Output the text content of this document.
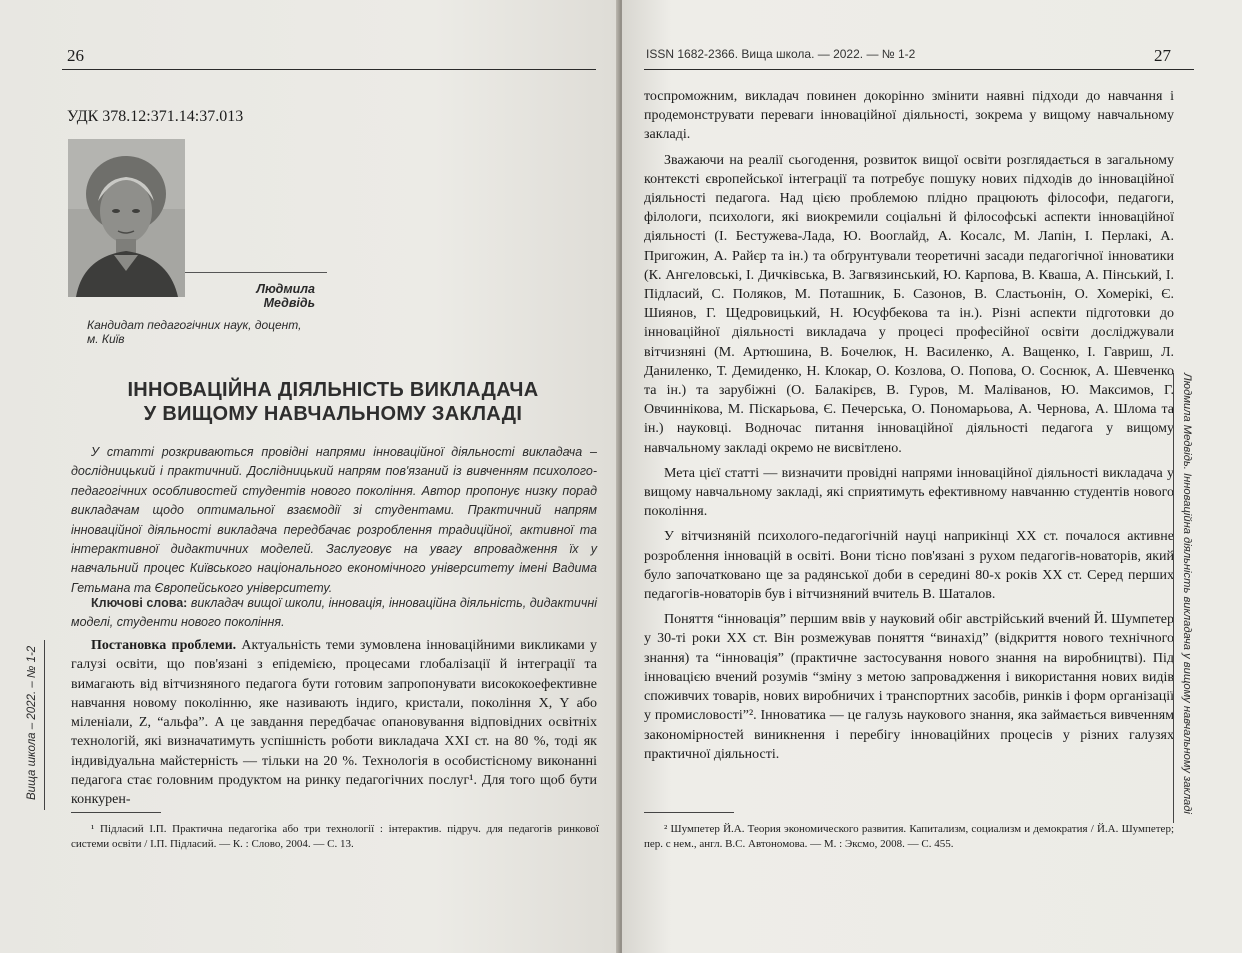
26
УДК 378.12:371.14:37.013
Людмила
Медвідь
Кандидат педагогічних наук, доцент,
м. Київ
ІННОВАЦІЙНА ДІЯЛЬНІСТЬ ВИКЛАДАЧА
У ВИЩОМУ НАВЧАЛЬНОМУ ЗАКЛАДІ
У статті розкриваються провідні напрями інноваційної діяльності викладача – дослідницький і практичний. Дослідницький напрям пов'язаний із вивченням психолого-педагогічних особливостей студентів нового покоління. Автор пропонує низку порад викладачам щодо оптимальної взаємодії зі студентами. Практичний напрям інноваційної діяльності викладача передбачає розроблення традиційної, активної та інтерактивної дидактичних моделей. Заслуговує на увагу впровадження їх у навчальний процес Київського національного економічного університету імені Вадима Гетьмана та Європейського університету.
Ключові слова: викладач вищої школи, інновація, інноваційна діяльність, дидактичні моделі, студенти нового покоління.
Постановка проблеми. Актуальність теми зумовлена інноваційними викликами у галузі освіти, що пов'язані з епідемією, процесами глобалізації й інтеграції та вимагають від вітчизняного педагога бути готовим запропонувати висококоефективне навчання новому поколінню, яке називають індиго, кристали, покоління X, Y або міленіали, Z, “альфа”. А це завдання передбачає опановування відповідних освітніх технологій, які визначатимуть успішність роботи викладача XXI ст. на 80 %, тоді як індивідуальна майстерність — тільки на 20 %. Технологія в особистісному виконанні педагога стає головним продуктом на ринку педагогічних послуг¹. Для того щоб бути конкурен-
¹ Підласий І.П. Практична педагогіка або три технології : інтерактив. підруч. для педагогів ринкової системи освіти / І.П. Підласий. — К. : Слово, 2004. — С. 13.
Вища школа – 2022. – № 1-2
ISSN 1682-2366. Вища школа. — 2022. — № 1-2	27

тоспроможним, викладач повинен докорінно змінити наявні підходи до навчання і продемонструвати переваги інноваційної діяльності, зокрема у вищому навчальному закладі.

Зважаючи на реалії сьогодення, розвиток вищої освіти розглядається в загальному контексті європейської інтеграції та потребує пошуку нових підходів до інноваційної діяльності педагога. Над цією проблемою плідно працюють філософи, педагоги, філологи, психологи, які виокремили соціальні й філософські аспекти інноваційної діяльності (І. Бестужева-Лада, Ю. Вооглайд, А. Косалс, М. Лапін, І. Перлакі, А. Пригожин, А. Райєр та ін.) та обґрунтували теоретичні засади педагогічної інноватики (К. Ангеловські, І. Дичківська, В. Загвязинський, Ю. Карпова, В. Кваша, А. Пінський, І. Підласий, С. Поляков, М. Поташник, Б. Сазонов, В. Сластьонін, О. Хомерікі, Є. Шиянов, Г. Щедровицький, Н. Юсуфбекова та ін.). Різні аспекти підготовки до інноваційної діяльності викладача у процесі професійної освіти досліджували вітчизняні (М. Артюшина, В. Бочелюк, Н. Василенко, А. Ващенко, І. Гавриш, Л. Даниленко, Т. Демиденко, Н. Клокар, О. Козлова, О. Попова, О. Соснюк, А. Шевченко та ін.) та зарубіжні (О. Балакірєв, В. Гуров, М. Маліванов, Ю. Максимов, Г. Овчиннікова, М. Піскарьова, Є. Печерська, О. Пономарьова, А. Чернова, А. Шлома та ін.) науковці. Водночас питання інноваційної діяльності педагога у вищому навчальному закладі окремо не висвітлено.

Мета цієї статті — визначити провідні напрями інноваційної діяльності викладача у вищому навчальному закладі, які сприятимуть ефективному навчанню студентів нового покоління.

У вітчизняній психолого-педагогічній науці наприкінці XX ст. почалося активне розроблення інновацій в освіті. Вони тісно пов'язані з рухом педагогів-новаторів, який було започатковано ще за радянської доби в середині 80-х років XX ст. Серед перших педагогів-новаторів був і вітчизняний вчитель В. Шаталов.

Поняття “інновація” першим ввів у науковий обіг австрійський вчений Й. Шумпетер у 30-ті роки XX ст. Він розмежував поняття “винахід” (відкриття нового технічного знання) та “інновація” (практичне застосування нового знання на виробництві). Під інновацією вчений розумів “зміну з метою запровадження і використання нових видів споживчих товарів, нових виробничих і транспортних засобів, ринків і форм організації у промисловості”². Інноватика — це галузь наукового знання, яка займається вивченням закономірностей виникнення і перебігу інноваційних процесів у різних галузях практичної діяльності.

² Шумпетер Й.А. Теория экономического развития. Капитализм, социализм и демократия / Й.А. Шумпетер; пер. с нем., англ. В.С. Автономова. — М. : Эксмо, 2008. — С. 455.
Людмила Медвідь. Інноваційна діяльність викладача у вищому навчальному закладі
